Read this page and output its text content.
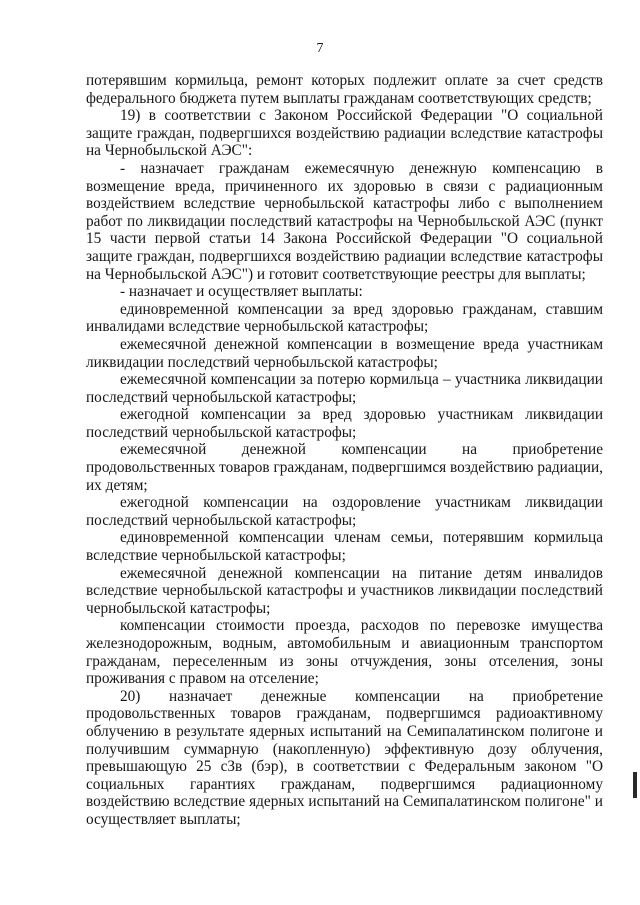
7

потерявшим кормильца, ремонт которых подлежит оплате за счет средств федерального бюджета путем выплаты гражданам соответствующих средств;

19) в соответствии с Законом Российской Федерации "О социальной защите граждан, подвергшихся воздействию радиации вследствие катастрофы на Чернобыльской АЭС":

- назначает гражданам ежемесячную денежную компенсацию в возмещение вреда, причиненного их здоровью в связи с радиационным воздействием вследствие чернобыльской катастрофы либо с выполнением работ по ликвидации последствий катастрофы на Чернобыльской АЭС (пункт 15 части первой статьи 14 Закона Российской Федерации "О социальной защите граждан, подвергшихся воздействию радиации вследствие катастрофы на Чернобыльской АЭС") и готовит соответствующие реестры для выплаты;

- назначает и осуществляет выплаты:

единовременной компенсации за вред здоровью гражданам, ставшим инвалидами вследствие чернобыльской катастрофы;

ежемесячной денежной компенсации в возмещение вреда участникам ликвидации последствий чернобыльской катастрофы;

ежемесячной компенсации за потерю кормильца – участника ликвидации последствий чернобыльской катастрофы;

ежегодной компенсации за вред здоровью участникам ликвидации последствий чернобыльской катастрофы;

ежемесячной денежной компенсации на приобретение продовольственных товаров гражданам, подвергшимся воздействию радиации, их детям;

ежегодной компенсации на оздоровление участникам ликвидации последствий чернобыльской катастрофы;

единовременной компенсации членам семьи, потерявшим кормильца вследствие чернобыльской катастрофы;

ежемесячной денежной компенсации на питание детям инвалидов вследствие чернобыльской катастрофы и участников ликвидации последствий чернобыльской катастрофы;

компенсации стоимости проезда, расходов по перевозке имущества железнодорожным, водным, автомобильным и авиационным транспортом гражданам, переселенным из зоны отчуждения, зоны отселения, зоны проживания с правом на отселение;

20) назначает денежные компенсации на приобретение продовольственных товаров гражданам, подвергшимся радиоактивному облучению в результате ядерных испытаний на Семипалатинском полигоне и получившим суммарную (накопленную) эффективную дозу облучения, превышающую 25 сЗв (бэр), в соответствии с Федеральным законом "О социальных гарантиях гражданам, подвергшимся радиационному воздействию вследствие ядерных испытаний на Семипалатинском полигоне" и осуществляет выплаты;
